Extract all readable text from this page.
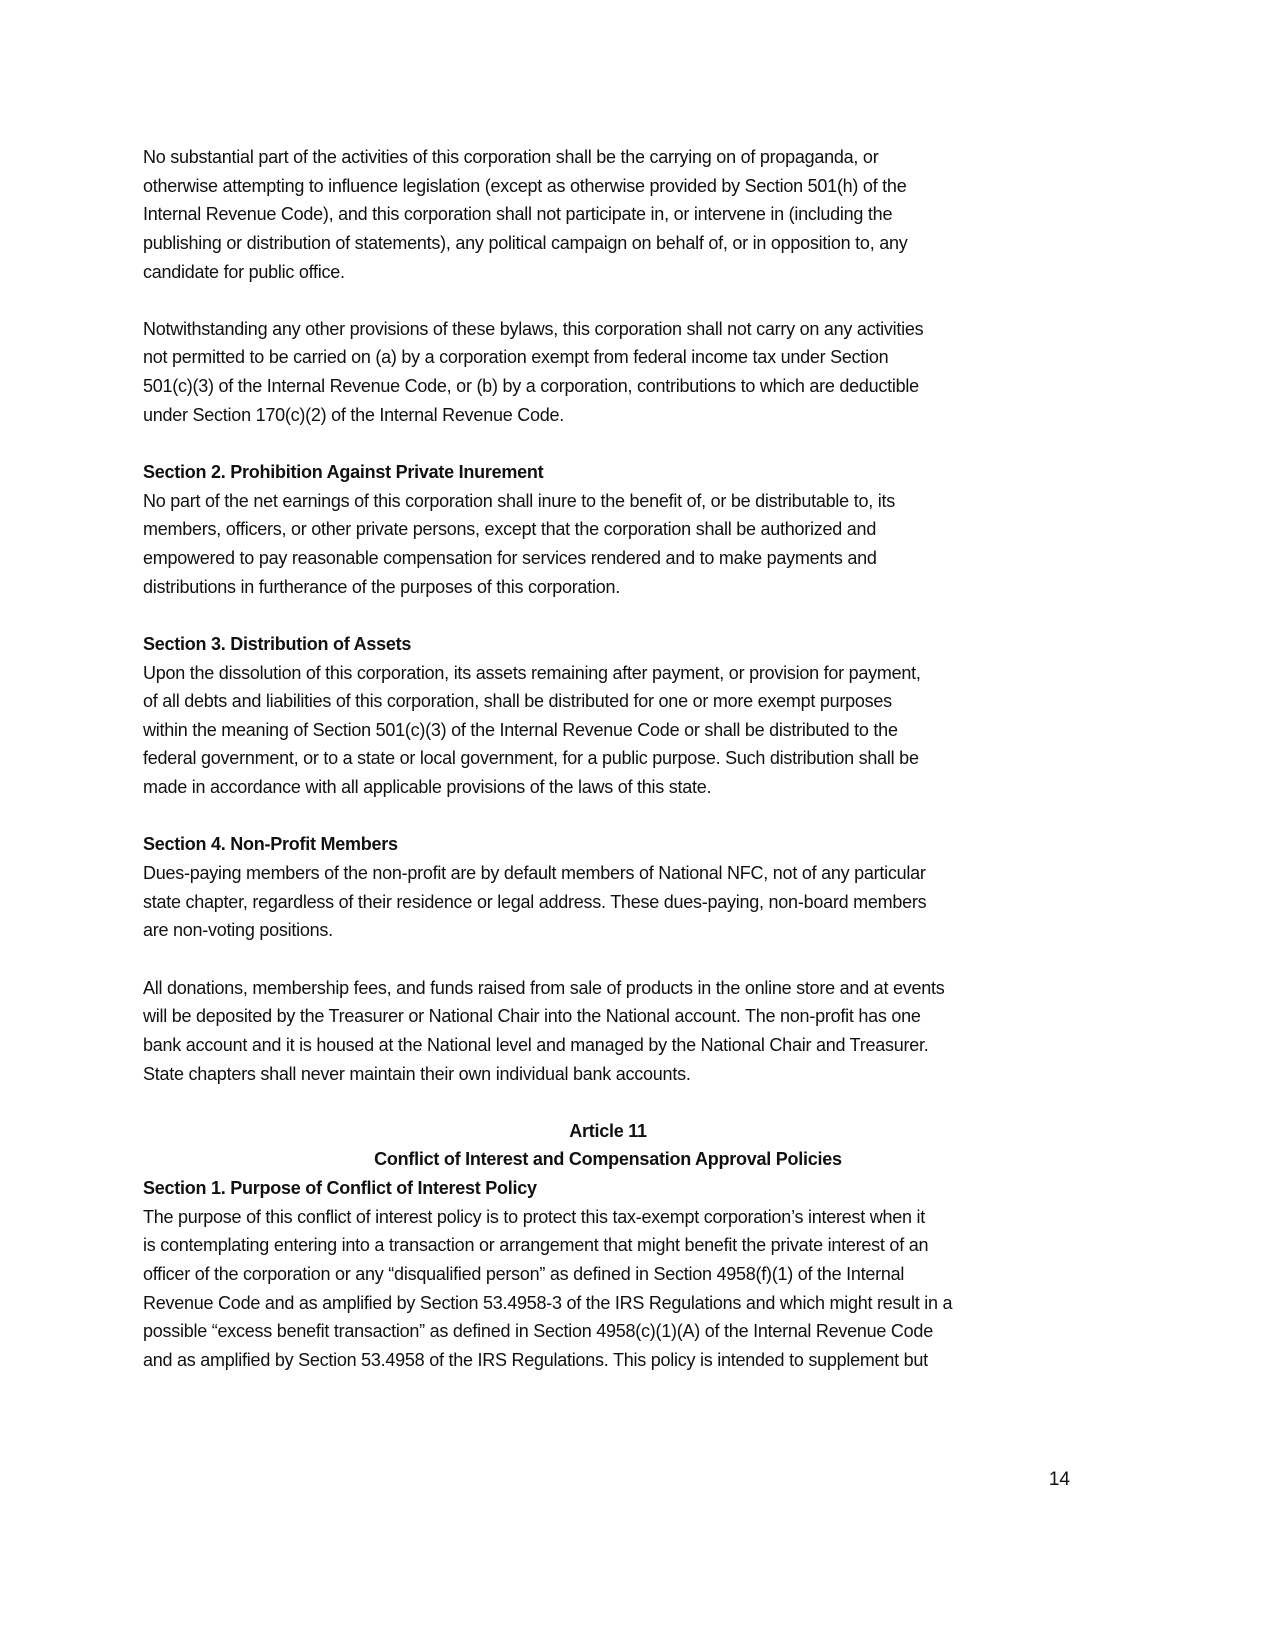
No substantial part of the activities of this corporation shall be the carrying on of propaganda, or
otherwise attempting to influence legislation (except as otherwise provided by Section 501(h) of the
Internal Revenue Code), and this corporation shall not participate in, or intervene in (including the
publishing or distribution of statements), any political campaign on behalf of, or in opposition to, any
candidate for public office.
Notwithstanding any other provisions of these bylaws, this corporation shall not carry on any activities
not permitted to be carried on (a) by a corporation exempt from federal income tax under Section
501(c)(3) of the Internal Revenue Code, or (b) by a corporation, contributions to which are deductible
under Section 170(c)(2) of the Internal Revenue Code.
Section 2. Prohibition Against Private Inurement
No part of the net earnings of this corporation shall inure to the benefit of, or be distributable to, its
members, officers, or other private persons, except that the corporation shall be authorized and
empowered to pay reasonable compensation for services rendered and to make payments and
distributions in furtherance of the purposes of this corporation.
Section 3. Distribution of Assets
Upon the dissolution of this corporation, its assets remaining after payment, or provision for payment,
of all debts and liabilities of this corporation, shall be distributed for one or more exempt purposes
within the meaning of Section 501(c)(3) of the Internal Revenue Code or shall be distributed to the
federal government, or to a state or local government, for a public purpose. Such distribution shall be
made in accordance with all applicable provisions of the laws of this state.
Section 4. Non-Profit Members
Dues-paying members of the non-profit are by default members of National NFC, not of any particular
state chapter, regardless of their residence or legal address. These dues-paying, non-board members
are non-voting positions.
All donations, membership fees, and funds raised from sale of products in the online store and at events
will be deposited by the Treasurer or National Chair into the National account. The non-profit has one
bank account and it is housed at the National level and managed by the National Chair and Treasurer.
State chapters shall never maintain their own individual bank accounts.
Article 11
Conflict of Interest and Compensation Approval Policies
Section 1. Purpose of Conflict of Interest Policy
The purpose of this conflict of interest policy is to protect this tax-exempt corporation’s interest when it
is contemplating entering into a transaction or arrangement that might benefit the private interest of an
officer of the corporation or any “disqualified person” as defined in Section 4958(f)(1) of the Internal
Revenue Code and as amplified by Section 53.4958-3 of the IRS Regulations and which might result in a
possible “excess benefit transaction” as defined in Section 4958(c)(1)(A) of the Internal Revenue Code
and as amplified by Section 53.4958 of the IRS Regulations. This policy is intended to supplement but
14
